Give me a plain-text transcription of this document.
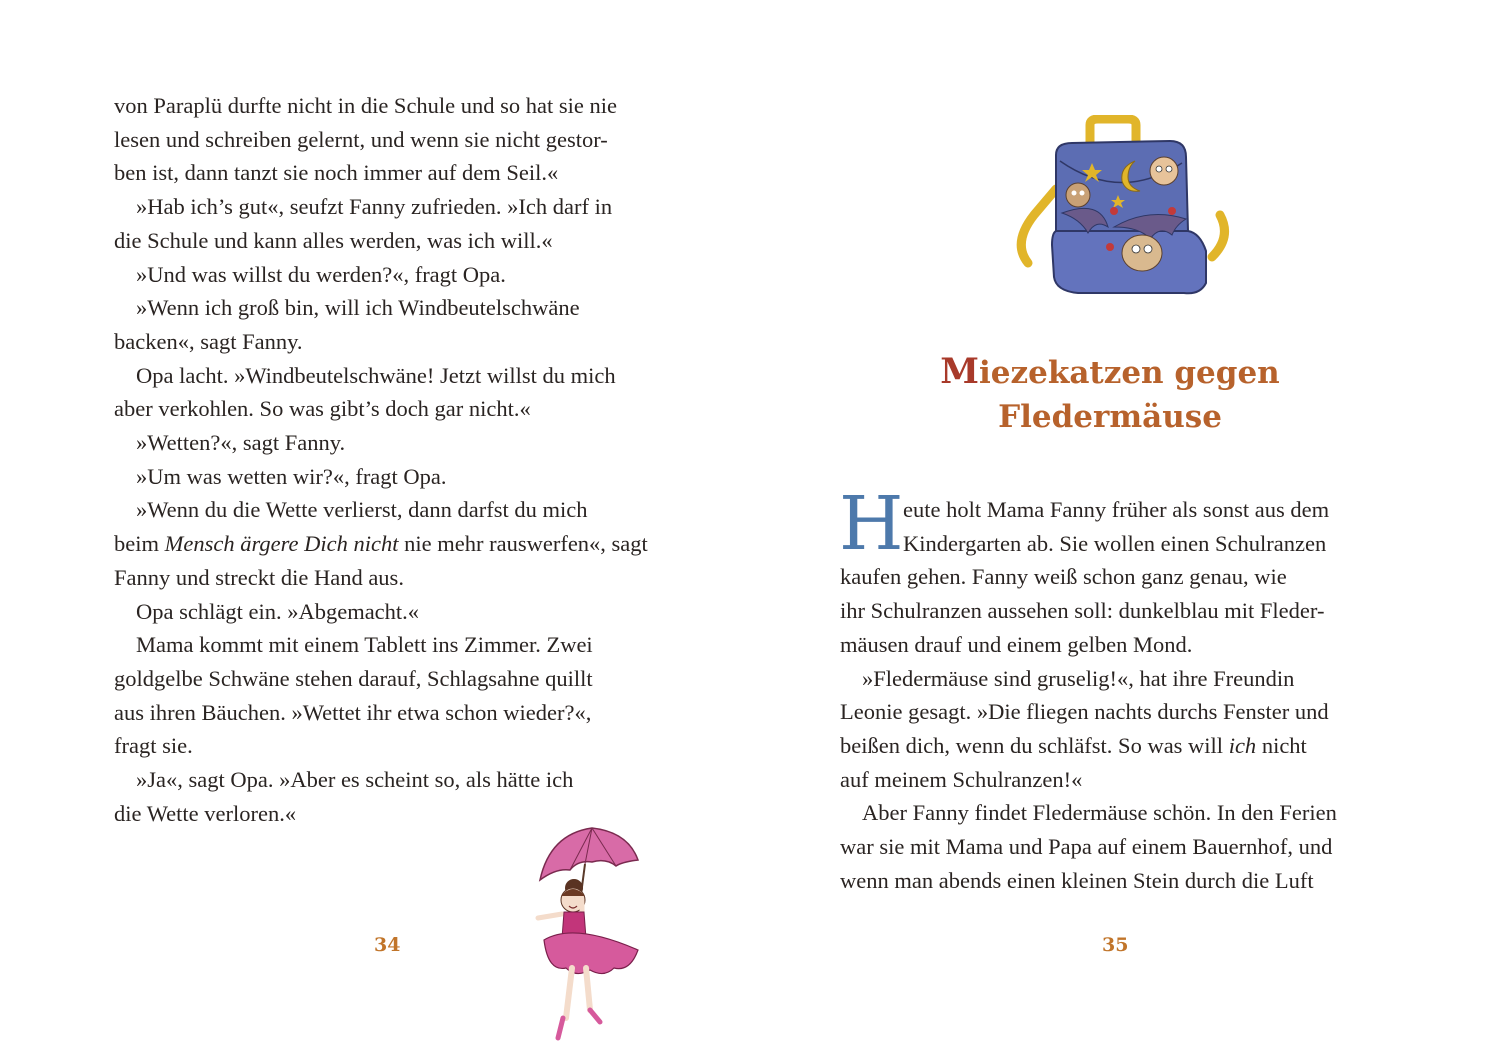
von Paraplü durfte nicht in die Schule und so hat sie nie
lesen und schreiben gelernt, und wenn sie nicht gestor-
ben ist, dann tanzt sie noch immer auf dem Seil.«
»Hab ich’s gut«, seufzt Fanny zufrieden. »Ich darf in
die Schule und kann alles werden, was ich will.«
»Und was willst du werden?«, fragt Opa.
»Wenn ich groß bin, will ich Windbeutelschwäne
backen«, sagt Fanny.
Opa lacht. »Windbeutelschwäne! Jetzt willst du mich
aber verkohlen. So was gibt’s doch gar nicht.«
»Wetten?«, sagt Fanny.
»Um was wetten wir?«, fragt Opa.
»Wenn du die Wette verlierst, dann darfst du mich
beim Mensch ärgere Dich nicht nie mehr rauswerfen«, sagt
Fanny und streckt die Hand aus.
Opa schlägt ein. »Abgemacht.«
Mama kommt mit einem Tablett ins Zimmer. Zwei
goldgelbe Schwäne stehen darauf, Schlagsahne quillt
aus ihren Bäuchen. »Wettet ihr etwa schon wieder?«,
fragt sie.
»Ja«, sagt Opa. »Aber es scheint so, als hätte ich
die Wette verloren.«
34
Miezekatzen gegen
Fledermäuse
H eute holt Mama Fanny früher als sonst aus dem
Kindergarten ab. Sie wollen einen Schulranzen
kaufen gehen. Fanny weiß schon ganz genau, wie
ihr Schulranzen aussehen soll: dunkelblau mit Fleder-
mäusen drauf und einem gelben Mond.
»Fledermäuse sind gruselig!«, hat ihre Freundin
Leonie gesagt. »Die fliegen nachts durchs Fenster und
beißen dich, wenn du schläfst. So was will ich nicht
auf meinem Schulranzen!«
Aber Fanny findet Fledermäuse schön. In den Ferien
war sie mit Mama und Papa auf einem Bauernhof, und
wenn man abends einen kleinen Stein durch die Luft
35
